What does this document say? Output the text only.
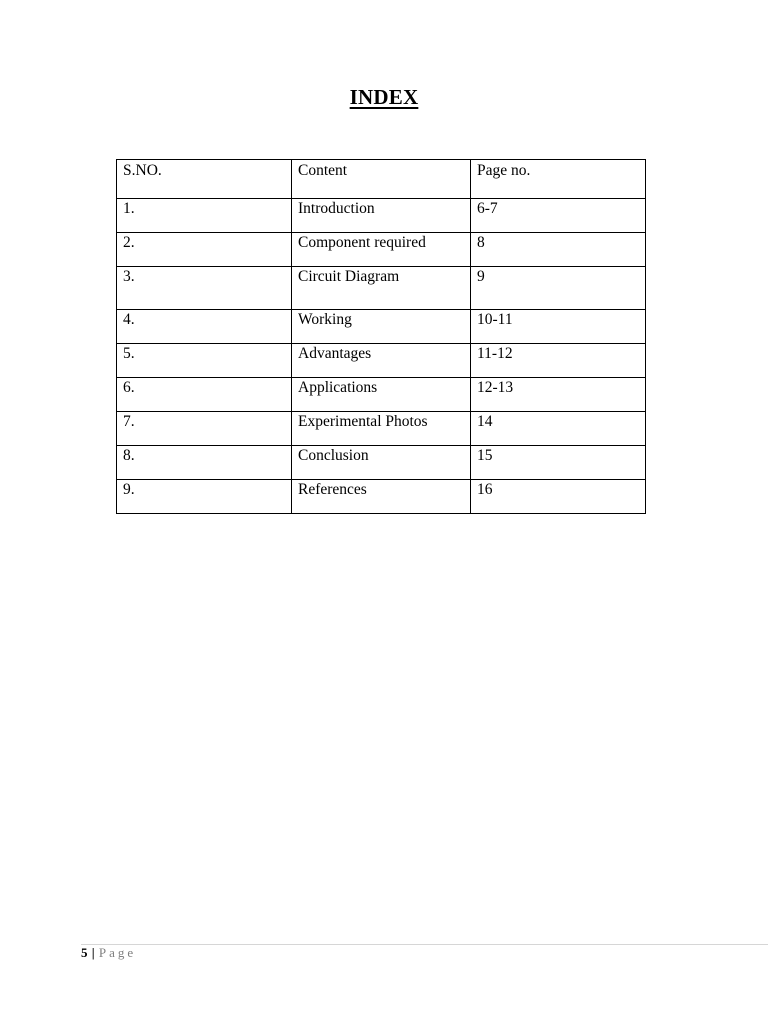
INDEX
S.NO.	Content	Page no.
1.	Introduction	6-7
2.	Component required	8
3.	Circuit Diagram	9
4.	Working	10-11
5.	Advantages	11-12
6.	Applications	12-13
7.	Experimental Photos	14
8.	Conclusion	15
9.	References	16
5 | Page
